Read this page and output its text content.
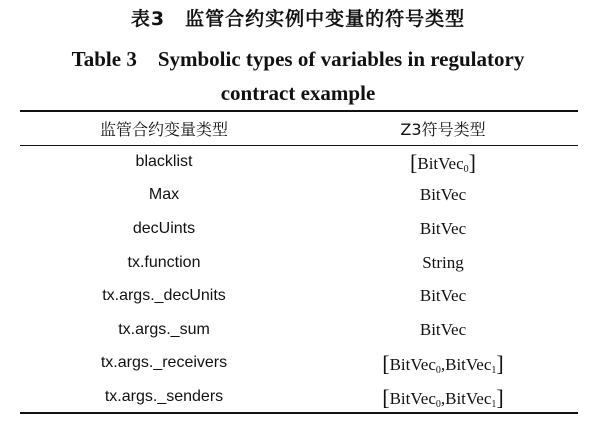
表3　监管合约实例中变量的符号类型
Table 3　Symbolic types of variables in regulatory
contract example
监管合约变量类型	Z3符号类型
blacklist	[BitVec$_0$]
Max	BitVec
decUints	BitVec
tx.function	String
tx.args._decUnits	BitVec
tx.args._sum	BitVec
tx.args._receivers	[BitVec$_0$,BitVec$_1$]
tx.args._senders	[BitVec$_0$,BitVec$_1$]
